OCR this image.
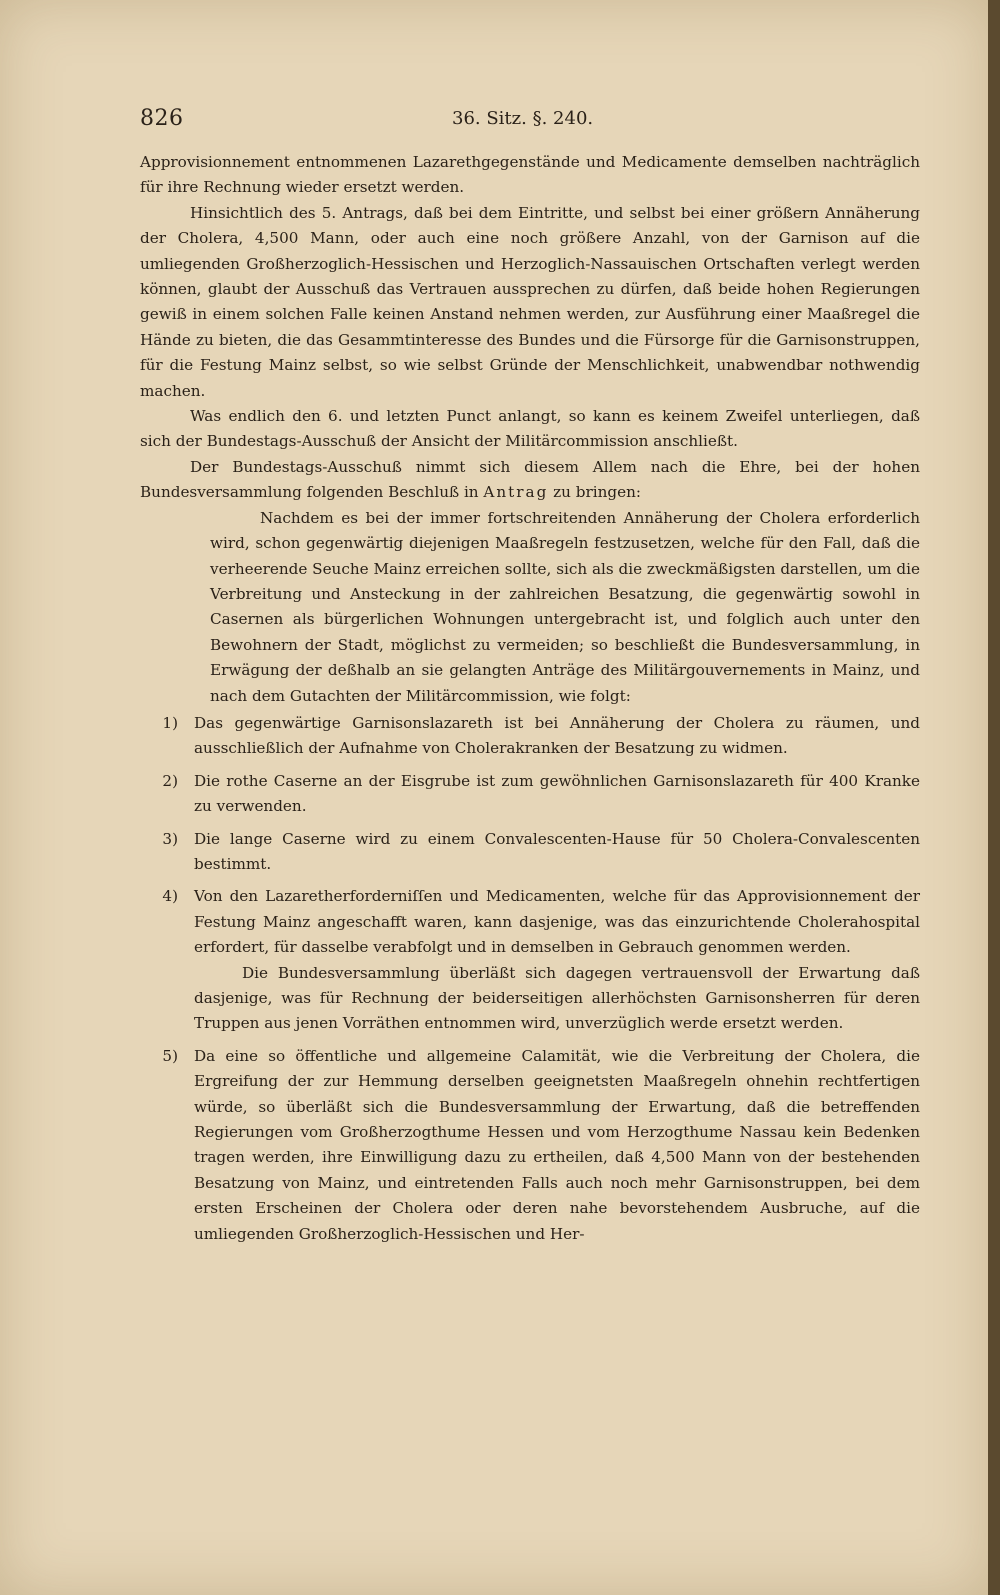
826	36. Sitz. §. 240.

Approvisionnement entnommenen Lazarethgegenstände und Medicamente demselben nachträglich für ihre Rechnung wieder ersetzt werden.

Hinsichtlich des 5. Antrags, daß bei dem Eintritte, und selbst bei einer größern Annäherung der Cholera, 4,500 Mann, oder auch eine noch größere Anzahl, von der Garnison auf die umliegenden Großherzoglich-Hessischen und Herzoglich-Nassauischen Ortschaften verlegt werden können, glaubt der Ausschuß das Vertrauen aussprechen zu dürfen, daß beide hohen Regierungen gewiß in einem solchen Falle keinen Anstand nehmen werden, zur Ausführung einer Maaßregel die Hände zu bieten, die das Gesammtinteresse des Bundes und die Fürsorge für die Garnisonstruppen, für die Festung Mainz selbst, so wie selbst Gründe der Menschlichkeit, unabwendbar nothwendig machen.

Was endlich den 6. und letzten Punct anlangt, so kann es keinem Zweifel unterliegen, daß sich der Bundestags-Ausschuß der Ansicht der Militärcommission anschließt.

Der Bundestags-Ausschuß nimmt sich diesem Allem nach die Ehre, bei der hohen Bundesversammlung folgenden Beschluß in Antrag zu bringen:

Nachdem es bei der immer fortschreitenden Annäherung der Cholera erforderlich wird, schon gegenwärtig diejenigen Maaßregeln festzusetzen, welche für den Fall, daß die verheerende Seuche Mainz erreichen sollte, sich als die zweckmäßigsten darstellen, um die Verbreitung und Ansteckung in der zahlreichen Besatzung, die gegenwärtig sowohl in Casernen als bürgerlichen Wohnungen untergebracht ist, und folglich auch unter den Bewohnern der Stadt, möglichst zu vermeiden; so beschließt die Bundesversammlung, in Erwägung der deßhalb an sie gelangten Anträge des Militärgouvernements in Mainz, und nach dem Gutachten der Militärcommission, wie folgt:

1)	Das gegenwärtige Garnisonslazareth ist bei Annäherung der Cholera zu räumen, und ausschließlich der Aufnahme von Cholerakranken der Besatzung zu widmen.
2)	Die rothe Caserne an der Eisgrube ist zum gewöhnlichen Garnisonslazareth für 400 Kranke zu verwenden.
3)	Die lange Caserne wird zu einem Convalescenten-Hause für 50 Cholera-Convalescenten bestimmt.
4)	Von den Lazaretherforderniſſen und Medicamenten, welche für das Approvisionnement der Festung Mainz angeschafft waren, kann dasjenige, was das einzurichtende Cholerahospital erfordert, für dasselbe verabfolgt und in demselben in Gebrauch genommen werden.
Die Bundesversammlung überläßt sich dagegen vertrauensvoll der Erwartung daß dasjenige, was für Rechnung der beiderseitigen allerhöchsten Garnisonsherren für deren Truppen aus jenen Vorräthen entnommen wird, unverzüglich werde ersetzt werden.
5)	Da eine so öffentliche und allgemeine Calamität, wie die Verbreitung der Cholera, die Ergreifung der zur Hemmung derselben geeignetsten Maaßregeln ohnehin rechtfertigen würde, so überläßt sich die Bundesversammlung der Erwartung, daß die betreffenden Regierungen vom Großherzogthume Hessen und vom Herzogthume Nassau kein Bedenken tragen werden, ihre Einwilligung dazu zu ertheilen, daß 4,500 Mann von der bestehenden Besatzung von Mainz, und eintretenden Falls auch noch mehr Garnisonstruppen, bei dem ersten Erscheinen der Cholera oder deren nahe bevorstehendem Ausbruche, auf die umliegenden Großherzoglich-Hessischen und Her-
